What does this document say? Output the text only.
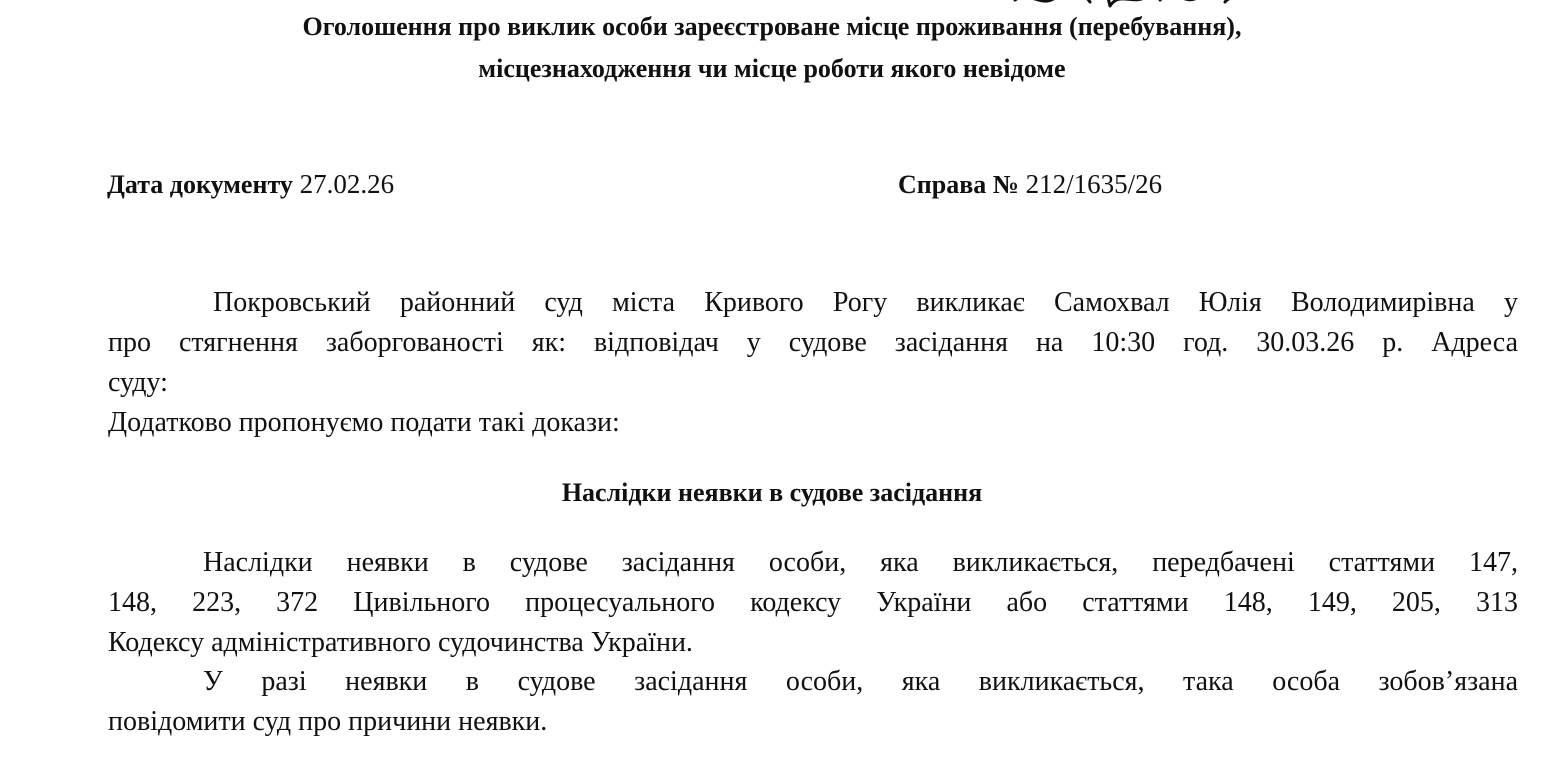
Оголошення про виклик особи зареєстроване місце проживання (перебування),
місцезнаходження чи місце роботи якого невідоме
Дата документу 27.02.26	Справа № 212/1635/26
Покровський районний суд міста Кривого Рогу викликає Самохвал Юлія Володимирівна у
про стягнення заборгованості як: відповідач у судове засідання на 10:30 год. 30.03.26 р. Адреса
суду:
Додатково пропонуємо подати такі докази:
Наслідки неявки в судове засідання
Наслідки неявки в судове засідання особи, яка викликається, передбачені статтями 147,
148, 223, 372 Цивільного процесуального кодексу України або статтями 148, 149, 205, 313
Кодексу адміністративного судочинства України.
У разі неявки в судове засідання особи, яка викликається, така особа зобов’язана
повідомити суд про причини неявки.
